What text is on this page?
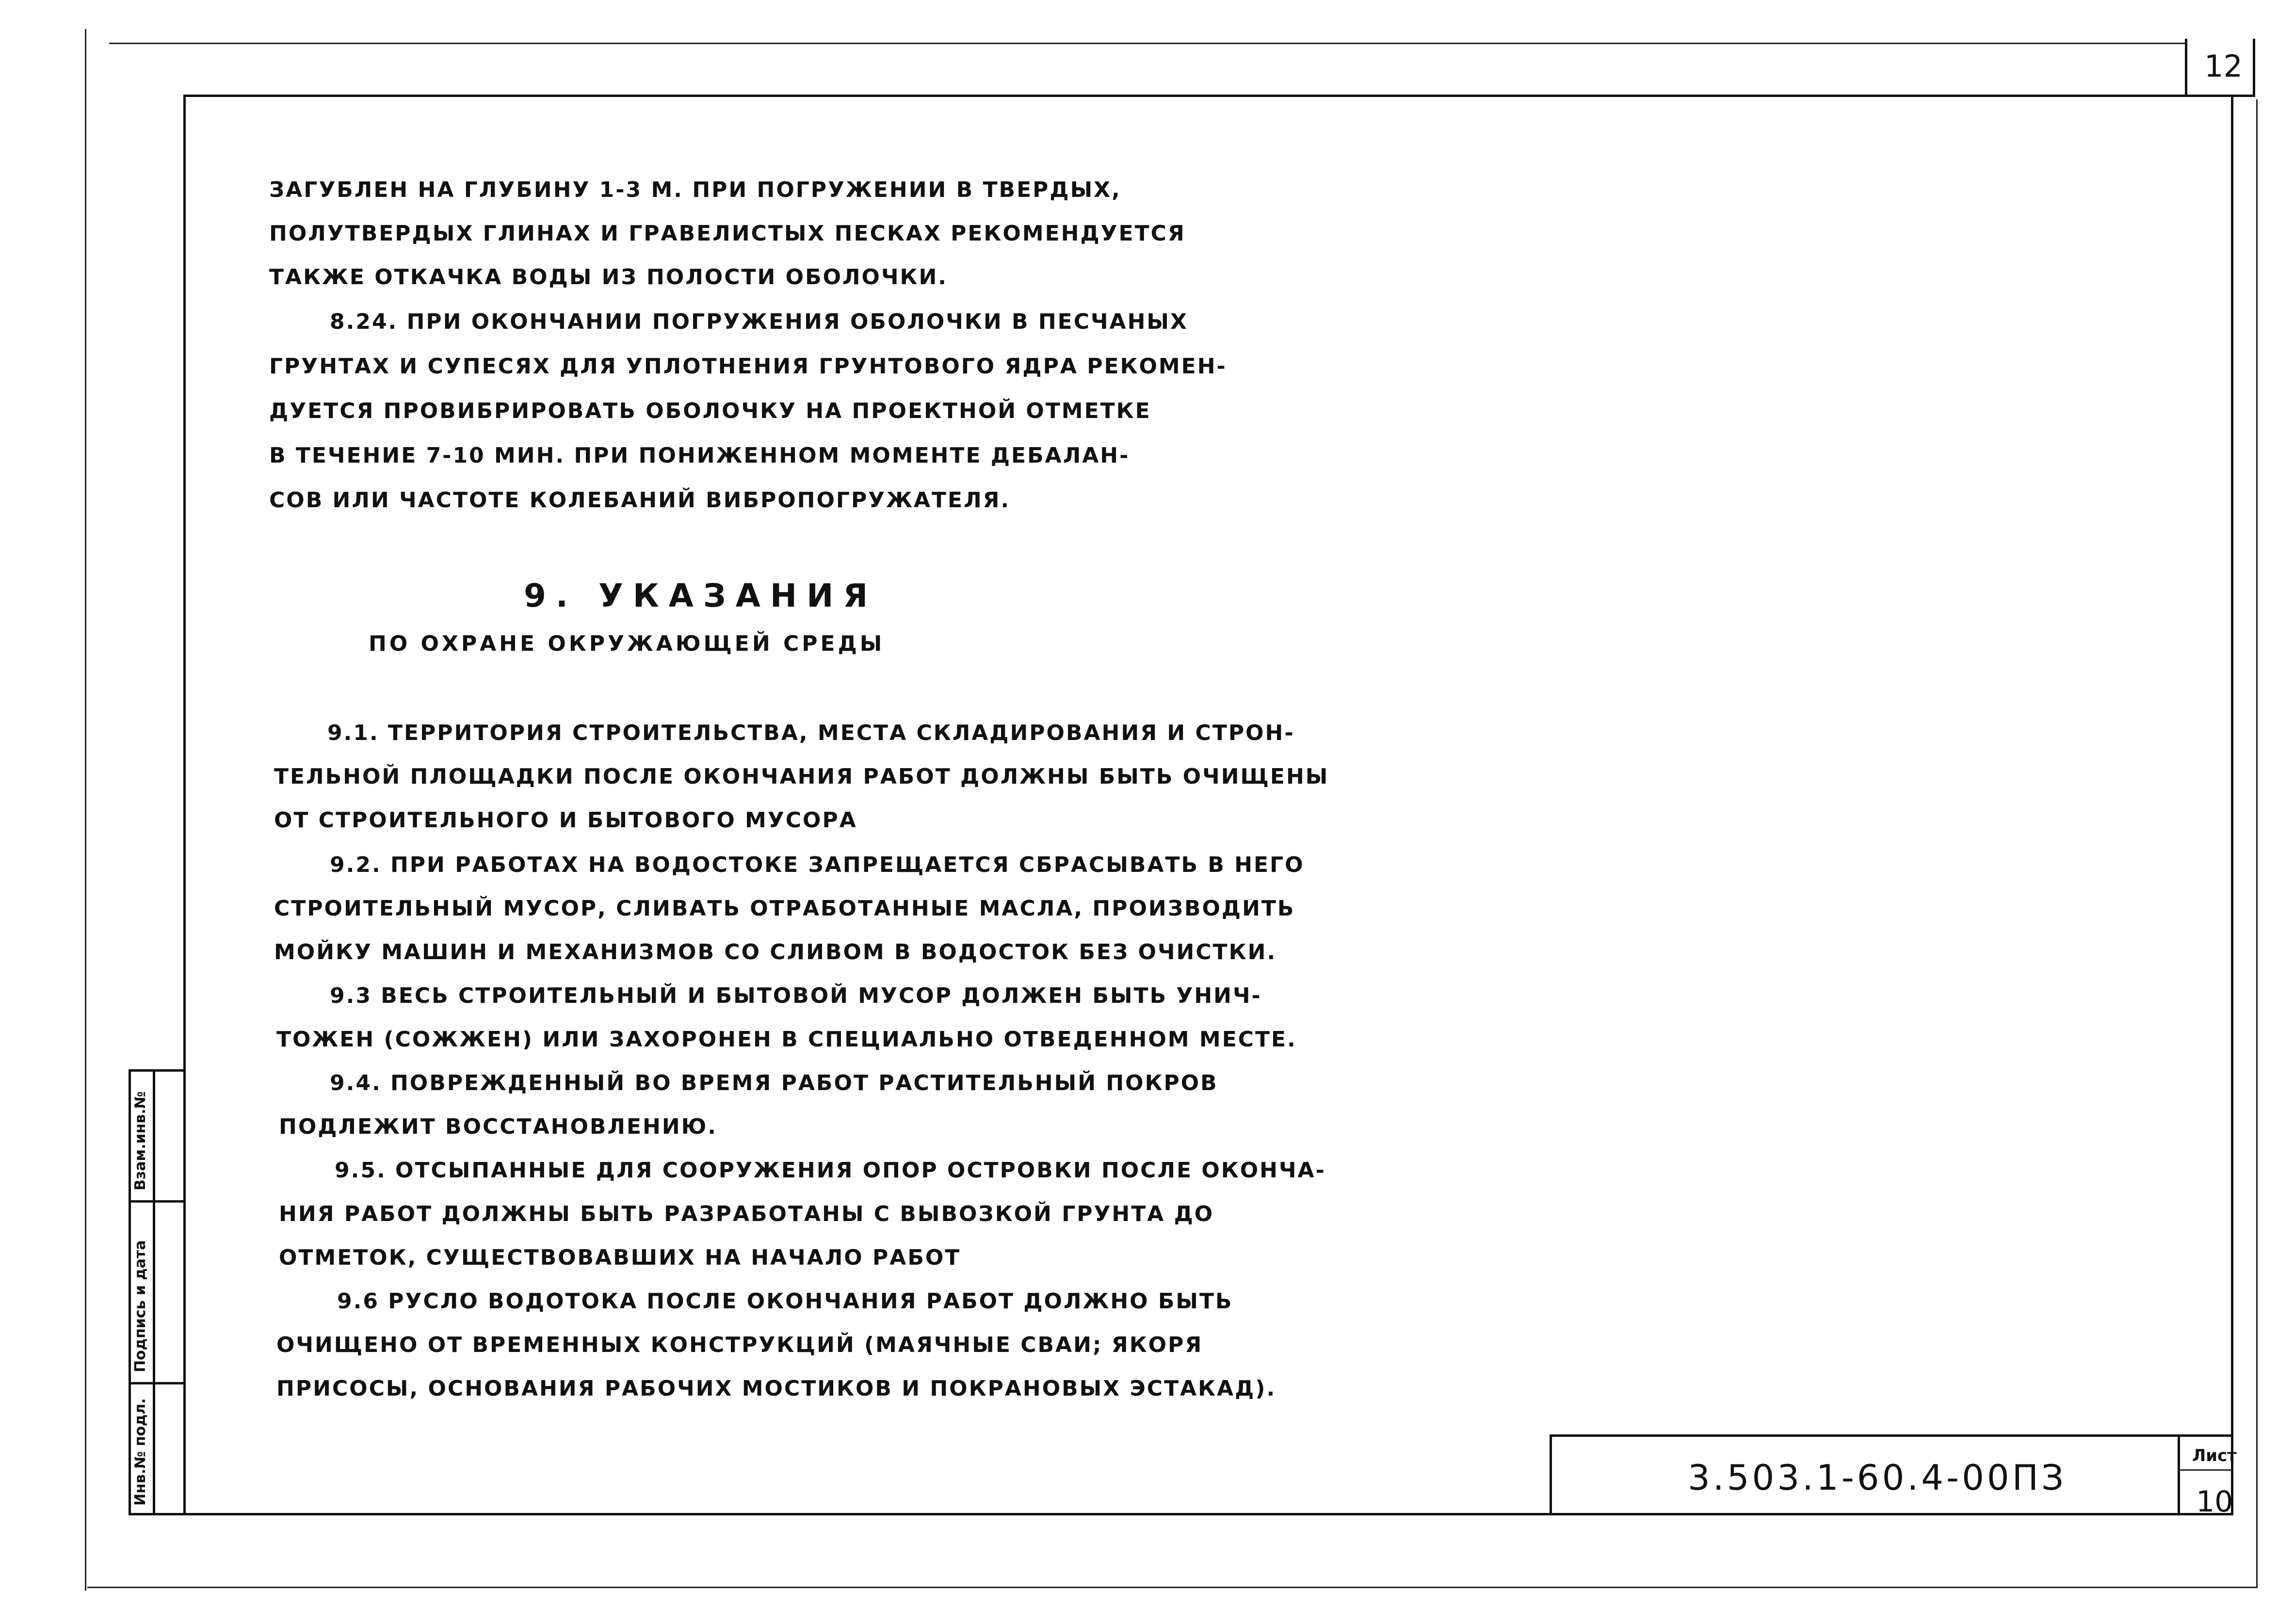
12
Взам.инв.№
Подпись и дата
Инв.№ подл.	3.503.1-60.4-00ПЗ
Лист
10
ЗАГУБЛЕН НА ГЛУБИНУ 1-3 М. ПРИ ПОГРУЖЕНИИ В ТВЕРДЫХ,
ПОЛУТВЕРДЫХ ГЛИНАХ И ГРАВЕЛИСТЫХ ПЕСКАХ РЕКОМЕНДУЕТСЯ
ТАКЖЕ ОТКАЧКА ВОДЫ ИЗ ПОЛОСТИ ОБОЛОЧКИ.
8.24. ПРИ ОКОНЧАНИИ ПОГРУЖЕНИЯ ОБОЛОЧКИ В ПЕСЧАНЫХ
ГРУНТАХ И СУПЕСЯХ ДЛЯ УПЛОТНЕНИЯ ГРУНТОВОГО ЯДРА РЕКОМЕН-
ДУЕТСЯ ПРОВИБРИРОВАТЬ ОБОЛОЧКУ НА ПРОЕКТНОЙ ОТМЕТКЕ
В ТЕЧЕНИЕ 7-10 МИН. ПРИ ПОНИЖЕННОМ МОМЕНТЕ ДЕБАЛАН-
СОВ ИЛИ ЧАСТОТЕ КОЛЕБАНИЙ ВИБРОПОГРУЖАТЕЛЯ.
9. УКАЗАНИЯ
ПО ОХРАНЕ ОКРУЖАЮЩЕЙ СРЕДЫ
9.1. ТЕРРИТОРИЯ СТРОИТЕЛЬСТВА, МЕСТА СКЛАДИРОВАНИЯ И СТРОН-
ТЕЛЬНОЙ ПЛОЩАДКИ ПОСЛЕ ОКОНЧАНИЯ РАБОТ ДОЛЖНЫ БЫТЬ ОЧИЩЕНЫ
ОТ СТРОИТЕЛЬНОГО И БЫТОВОГО МУСОРА
9.2. ПРИ РАБОТАХ НА ВОДОСТОКЕ ЗАПРЕЩАЕТСЯ СБРАСЫВАТЬ В НЕГО
СТРОИТЕЛЬНЫЙ МУСОР, СЛИВАТЬ ОТРАБОТАННЫЕ МАСЛА, ПРОИЗВОДИТЬ
МОЙКУ МАШИН И МЕХАНИЗМОВ СО СЛИВОМ В ВОДОСТОК БЕЗ ОЧИСТКИ.
9.3 ВЕСЬ СТРОИТЕЛЬНЫЙ И БЫТОВОЙ МУСОР ДОЛЖЕН БЫТЬ УНИЧ-
ТОЖЕН (СОЖЖЕН) ИЛИ ЗАХОРОНЕН В СПЕЦИАЛЬНО ОТВЕДЕННОМ МЕСТЕ.
9.4. ПОВРЕЖДЕННЫЙ ВО ВРЕМЯ РАБОТ РАСТИТЕЛЬНЫЙ ПОКРОВ
ПОДЛЕЖИТ ВОССТАНОВЛЕНИЮ.
9.5. ОТСЫПАННЫЕ ДЛЯ СООРУЖЕНИЯ ОПОР ОСТРОВКИ ПОСЛЕ ОКОНЧА-
НИЯ РАБОТ ДОЛЖНЫ БЫТЬ РАЗРАБОТАНЫ С ВЫВОЗКОЙ ГРУНТА ДО
ОТМЕТОК, СУЩЕСТВОВАВШИХ НА НАЧАЛО РАБОТ
9.6 РУСЛО ВОДОТОКА ПОСЛЕ ОКОНЧАНИЯ РАБОТ ДОЛЖНО БЫТЬ
ОЧИЩЕНО ОТ ВРЕМЕННЫХ КОНСТРУКЦИЙ (МАЯЧНЫЕ СВАИ; ЯКОРЯ
ПРИСОСЫ, ОСНОВАНИЯ РАБОЧИХ МОСТИКОВ И ПОКРАНОВЫХ ЭСТАКАД).
